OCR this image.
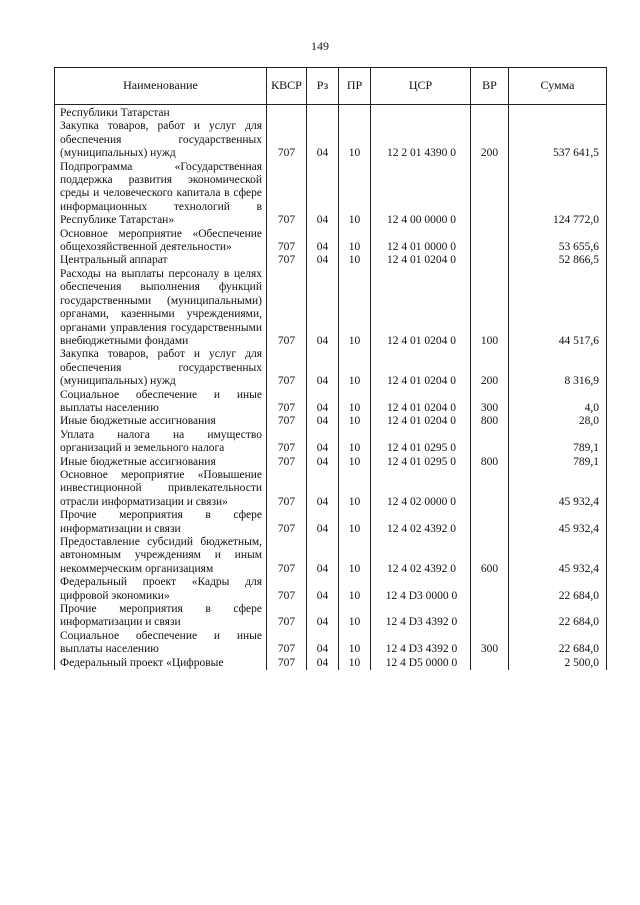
149
Наименование	КВСР	Рз	ПР	ЦСР	ВР	Сумма
Республики Татарстан						
Закупка товаров, работ и услуг для обеспечения государственных (муниципальных) нужд	707	04	10	12 2 01 4390 0	200	537 641,5
Подпрограмма «Государственная поддержка развития экономической среды и человеческого капитала в сфере информационных технологий в Республике Татарстан»	707	04	10	12 4 00 0000 0		124 772,0
Основное мероприятие «Обеспечение общехозяйственной деятельности»	707	04	10	12 4 01 0000 0		53 655,6
Центральный аппарат	707	04	10	12 4 01 0204 0		52 866,5
Расходы на выплаты персоналу в целях обеспечения выполнения функций государственными (муниципальными) органами, казенными учреждениями, органами управления государственными внебюджетными фондами	707	04	10	12 4 01 0204 0	100	44 517,6
Закупка товаров, работ и услуг для обеспечения государственных (муниципальных) нужд	707	04	10	12 4 01 0204 0	200	8 316,9
Социальное обеспечение и иные выплаты населению	707	04	10	12 4 01 0204 0	300	4,0
Иные бюджетные ассигнования	707	04	10	12 4 01 0204 0	800	28,0
Уплата налога на имущество организаций и земельного налога	707	04	10	12 4 01 0295 0		789,1
Иные бюджетные ассигнования	707	04	10	12 4 01 0295 0	800	789,1
Основное мероприятие «Повышение инвестиционной привлекательности отрасли информатизации и связи»	707	04	10	12 4 02 0000 0		45 932,4
Прочие мероприятия в сфере информатизации и связи	707	04	10	12 4 02 4392 0		45 932,4
Предоставление субсидий бюджетным, автономным учреждениям и иным некоммерческим организациям	707	04	10	12 4 02 4392 0	600	45 932,4
Федеральный проект «Кадры для цифровой экономики»	707	04	10	12 4 D3 0000 0		22 684,0
Прочие мероприятия в сфере информатизации и связи	707	04	10	12 4 D3 4392 0		22 684,0
Социальное обеспечение и иные выплаты населению	707	04	10	12 4 D3 4392 0	300	22 684,0
Федеральный проект «Цифровые	707	04	10	12 4 D5 0000 0		2 500,0
